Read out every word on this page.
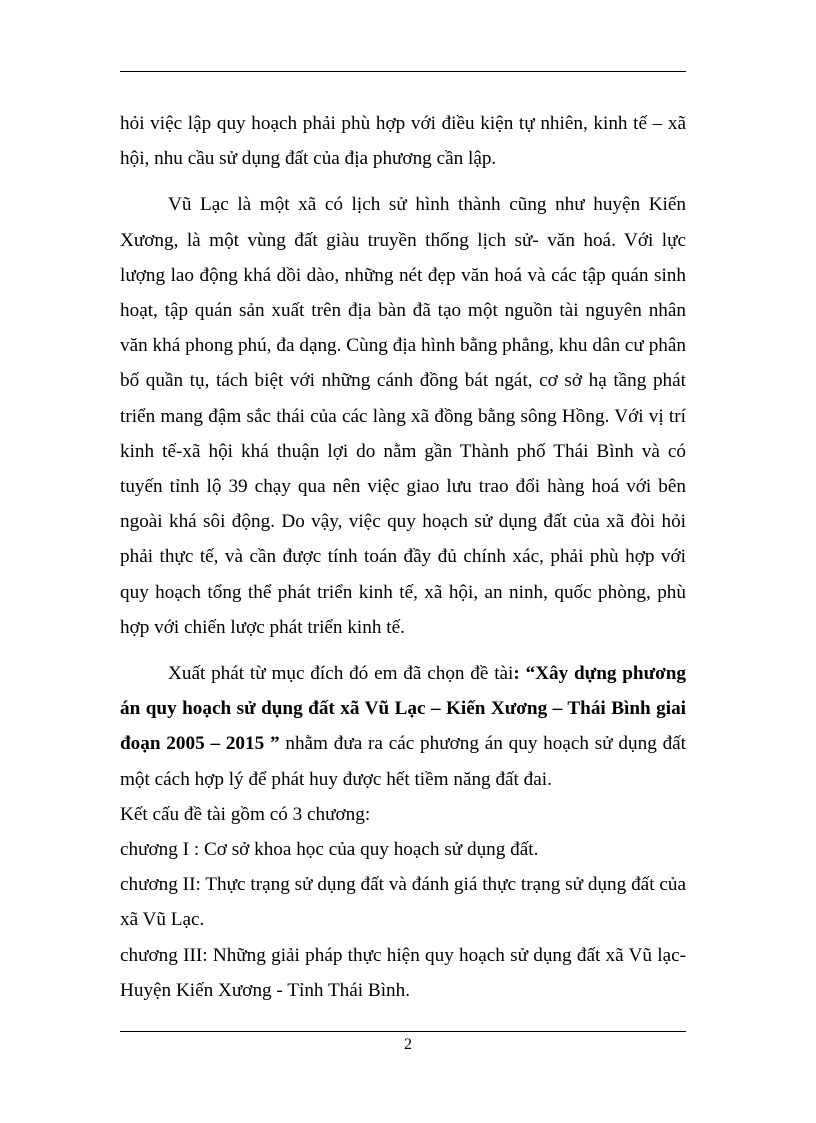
hỏi việc lập quy hoạch phải phù hợp với điều kiện tự nhiên, kinh tế – xã hội, nhu cầu sử dụng đất của địa phương cần lập.

Vũ Lạc là một xã có lịch sử hình thành cũng như huyện Kiến Xương, là một vùng đất giàu truyền thống lịch sử- văn hoá. Với lực lượng lao động khá dồi dào, những nét đẹp văn hoá và các tập quán sinh hoạt, tập quán sản xuất trên địa bàn đã tạo một nguồn tài nguyên nhân văn khá phong phú, đa dạng. Cùng địa hình bằng phẳng, khu dân cư phân bố quần tụ, tách biệt với những cánh đồng bát ngát, cơ sở hạ tầng phát triển mang đậm sắc thái của các làng xã đồng bằng sông Hồng. Với vị trí kinh tế-xã hội khá thuận lợi do nằm gần Thành phố Thái Bình và có tuyến tỉnh lộ 39 chạy qua nên việc giao lưu trao đổi hàng hoá với bên ngoài khá sôi động. Do vậy, việc quy hoạch sử dụng đất của xã đòi hỏi phải thực tế, và cần được tính toán đầy đủ chính xác, phải phù hợp với quy hoạch tổng thể phát triển kinh tế, xã hội, an ninh, quốc phòng, phù hợp với chiến lược phát triển kinh tế.

Xuất phát từ mục đích đó em đã chọn đề tài: “Xây dựng phương án quy hoạch sử dụng đất xã Vũ Lạc – Kiến Xương – Thái Bình giai đoạn 2005 – 2015 ” nhằm đưa ra các phương án quy hoạch sử dụng đất một cách hợp lý để phát huy được hết tiềm năng đất đai.

Kết cấu đề tài gồm có 3 chương:

chương I : Cơ sở khoa học của quy hoạch sử dụng đất.

chương II: Thực trạng sử dụng đất và đánh giá thực trạng sử dụng đất của xã Vũ Lạc.

chương III: Những giải pháp thực hiện quy hoạch sử dụng đất xã Vũ lạc- Huyện Kiến Xương - Tỉnh Thái Bình.

2
